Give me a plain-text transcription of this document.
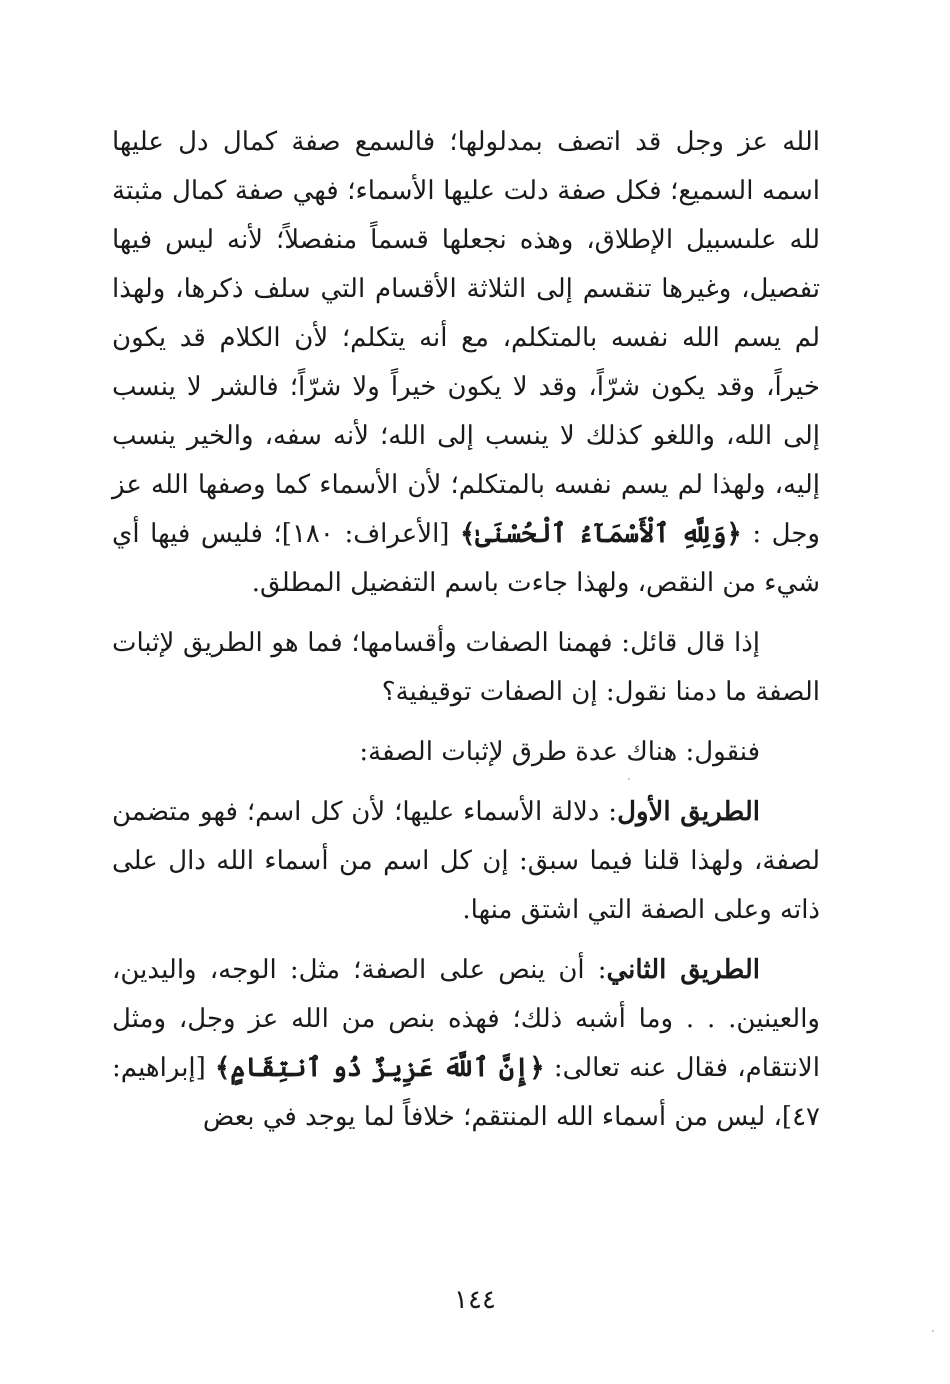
الله عز وجل قد اتصف بمدلولها؛ فالسمع صفة كمال دل عليها اسمه السميع؛ فكل صفة دلت عليها الأسماء؛ فهي صفة كمال مثبتة لله علىسبيل الإطلاق، وهذه نجعلها قسماً منفصلاً؛ لأنه ليس فيها تفصيل، وغيرها تنقسم إلى الثلاثة الأقسام التي سلف ذكرها، ولهذا لم يسم الله نفسه بالمتكلم، مع أنه يتكلم؛ لأن الكلام قد يكون خيراً، وقد يكون شرّاً، وقد لا يكون خيراً ولا شرّاً؛ فالشر لا ينسب إلى الله، واللغو كذلك لا ينسب إلى الله؛ لأنه سفه، والخير ينسب إليه، ولهذا لم يسم نفسه بالمتكلم؛ لأن الأسماء كما وصفها الله عز وجل : ﴿وَلِلَّهِ ٱلْأَسْمَآءُ ٱلْحُسْنَىٰ﴾ [الأعراف: ١٨٠]؛ فليس فيها أي شيء من النقص، ولهذا جاءت باسم التفضيل المطلق.

إذا قال قائل: فهمنا الصفات وأقسامها؛ فما هو الطريق لإثبات الصفة ما دمنا نقول: إن الصفات توقيفية؟

فنقول: هناك عدة طرق لإثبات الصفة:

الطريق الأول: دلالة الأسماء عليها؛ لأن كل اسم؛ فهو متضمن لصفة، ولهذا قلنا فيما سبق: إن كل اسم من أسماء الله دال على ذاته وعلى الصفة التي اشتق منها.

الطريق الثاني: أن ينص على الصفة؛ مثل: الوجه، واليدين، والعينين. . . وما أشبه ذلك؛ فهذه بنص من الله عز وجل، ومثل الانتقام، فقال عنه تعالى: ﴿إِنَّ ٱللَّهَ عَزِيزٌ ذُو ٱنتِقَامٍ﴾ [إبراهيم: ٤٧]، ليس من أسماء الله المنتقم؛ خلافاً لما يوجد في بعض

١٤٤
